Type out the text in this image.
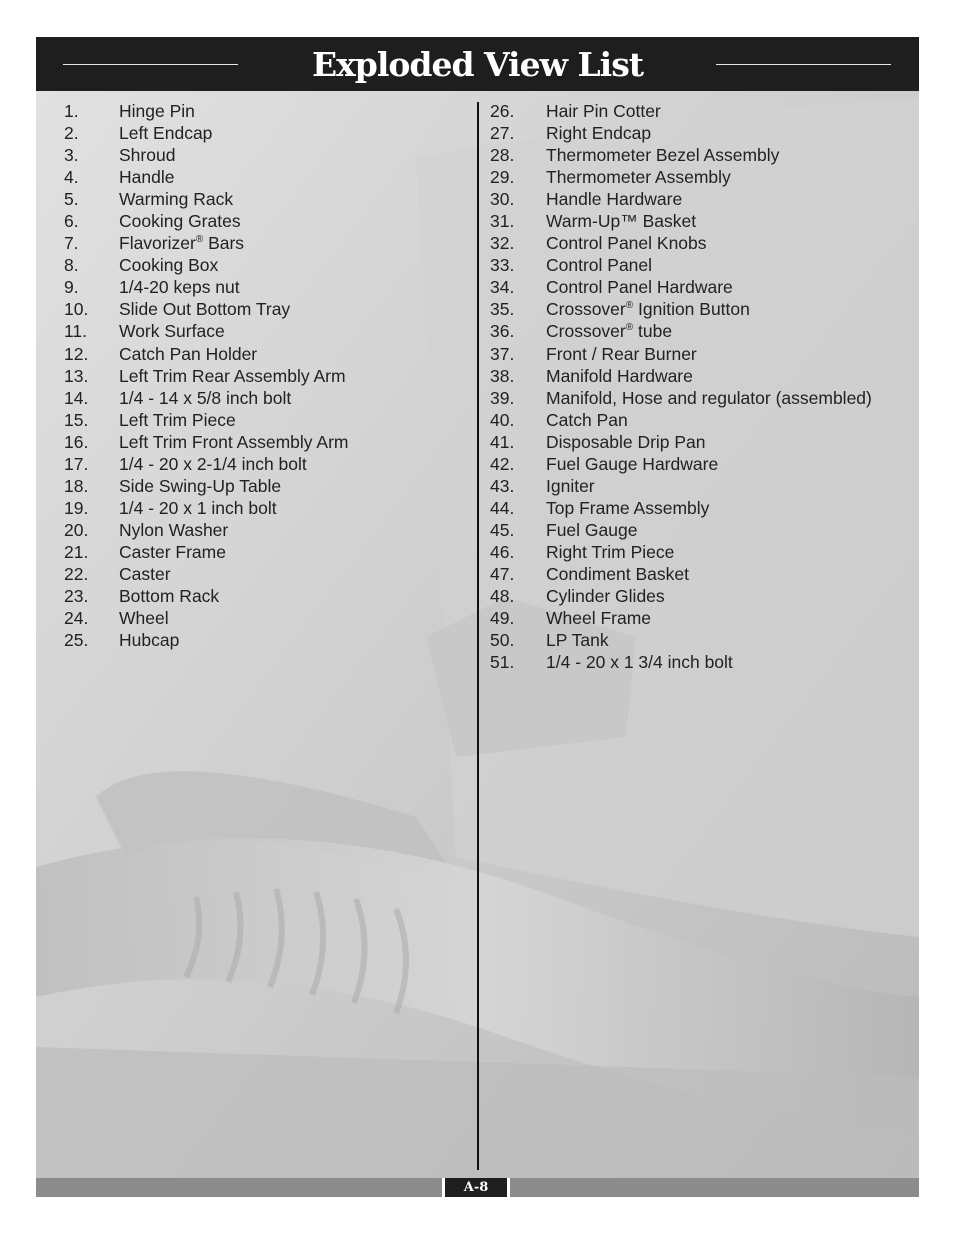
Exploded View List
1. Hinge Pin
2. Left Endcap
3. Shroud
4. Handle
5. Warming Rack
6. Cooking Grates
7. Flavorizer® Bars
8. Cooking Box
9. 1/4-20 keps nut
10. Slide Out Bottom Tray
11. Work Surface
12. Catch Pan Holder
13. Left Trim Rear Assembly Arm
14. 1/4 - 14 x 5/8 inch bolt
15. Left Trim Piece
16. Left Trim Front Assembly Arm
17. 1/4 - 20 x 2-1/4 inch bolt
18. Side Swing-Up Table
19. 1/4 - 20 x 1 inch bolt
20. Nylon Washer
21. Caster Frame
22. Caster
23. Bottom Rack
24. Wheel
25. Hubcap
26. Hair Pin Cotter
27. Right Endcap
28. Thermometer Bezel Assembly
29. Thermometer Assembly
30. Handle Hardware
31. Warm-Up™ Basket
32. Control Panel Knobs
33. Control Panel
34. Control Panel Hardware
35. Crossover® Ignition Button
36. Crossover® tube
37. Front / Rear Burner
38. Manifold Hardware
39. Manifold, Hose and regulator (assembled)
40. Catch Pan
41. Disposable Drip Pan
42. Fuel Gauge Hardware
43. Igniter
44. Top Frame Assembly
45. Fuel Gauge
46. Right Trim Piece
47. Condiment Basket
48. Cylinder Glides
49. Wheel Frame
50. LP Tank
51. 1/4 - 20 x 1 3/4 inch bolt
A-8
